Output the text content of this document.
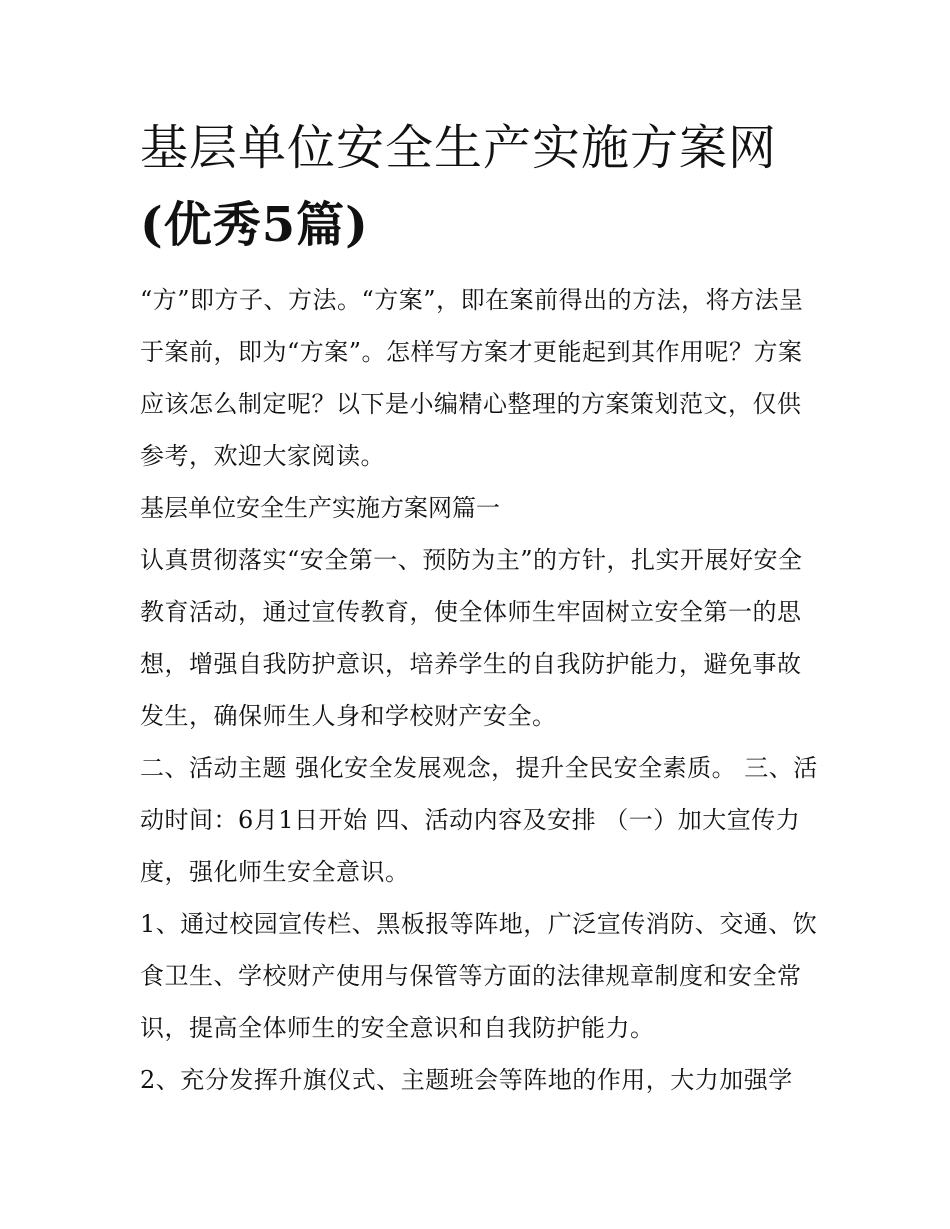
基层单位安全生产实施方案网
(优秀5篇)

“方”即方子、方法。“方案”，即在案前得出的方法，将方法呈于案前，即为“方案”。怎样写方案才更能起到其作用呢？方案应该怎么制定呢？以下是小编精心整理的方案策划范文，仅供参考，欢迎大家阅读。

基层单位安全生产实施方案网篇一

认真贯彻落实“安全第一、预防为主”的方针，扎实开展好安全教育活动，通过宣传教育，使全体师生牢固树立安全第一的思想，增强自我防护意识，培养学生的自我防护能力，避免事故发生，确保师生人身和学校财产安全。

二、活动主题 强化安全发展观念，提升全民安全素质。 三、活动时间：6月1日开始 四、活动内容及安排 （一）加大宣传力度，强化师生安全意识。

1、通过校园宣传栏、黑板报等阵地，广泛宣传消防、交通、饮食卫生、学校财产使用与保管等方面的法律规章制度和安全常识，提高全体师生的安全意识和自我防护能力。

2、充分发挥升旗仪式、主题班会等阵地的作用，大力加强学
